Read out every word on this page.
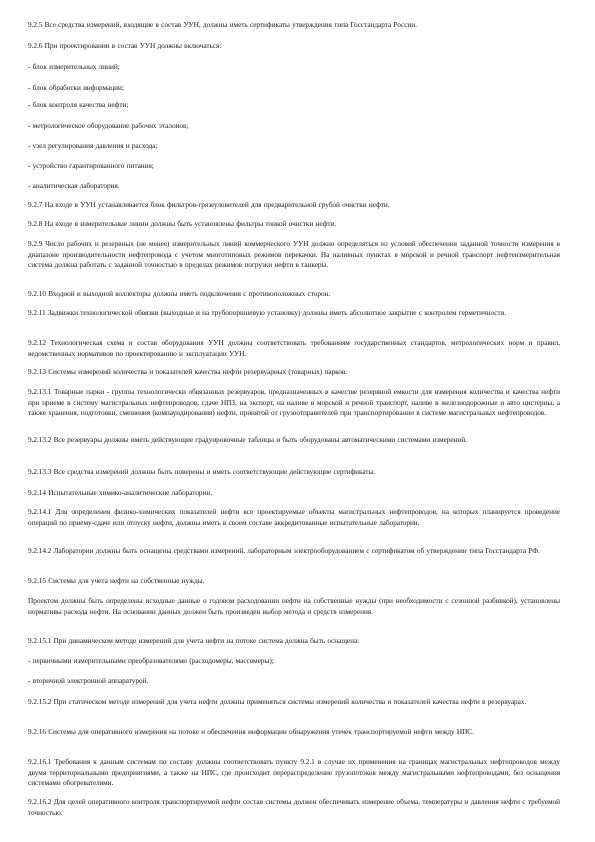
9.2.5 Все средства измерений, входящие в состав УУН, должны иметь сертификаты утверждения типа Госстандарта России.

9.2.6 При проектировании в состав УУН должны включаться:

- блок измерительных линий;

- блок обработки информации;

- блок контроля качества нефти;

- метрологическое оборудование рабочих эталонов;

- узел регулирования давления и расхода;

- устройство гарантированного питания;

- аналитическая лаборатория.

9.2.7 На входе в УУН устанавливается блок фильтров-грязеуловителей для предварительной грубой очистки нефти.

9.2.8 На входе в измерительные линии должны быть установлены фильтры тонкой очистки нефти.

9.2.9 Число рабочих и резервных (не менее) измерительных линий коммерческого УУН должно определяться из условий обеспечения заданной точности измерения в диапазоне производительности нефтепровода с учетом многотиповых режимов перекачки. На наливных пунктах в морской и речной транспорт нефтеизмерительная система должна работать с заданной точностью в пределах режимов погрузки нефти в танкеры.

9.2.10 Входной и выходной коллекторы должны иметь подключения с противоположных сторон.

9.2.11 Задвижки технологической обвязки (выходные и на трубопоршневую установку) должны иметь абсолютное закрытие с контролем герметичности.

9.2.12 Технологическая схема и состав оборудования УУН должны соответствовать требованиям государственных стандартов, метрологических норм и правил, ведомственных нормативов по проектированию и эксплуатации УУН.

9.2.13 Системы измерений количества и показателей качества нефти резервуарных (товарных) парков.

9.2.13.1 Товарные парки - группы технологически обвязанных резервуаров, предназначенных в качестве резервной емкости для измерения количества и качества нефти при приеме в систему магистральных нефтепроводов, сдаче НПЗ, на экспорт, на наливе в морской и речной транспорт, наливе в железнодорожные и авто цистерны, а также хранения, подготовки, смешения (компаундирования) нефти, принятой от грузоотправителей при транспортировании в системе магистральных нефтепроводов.

9.2.13.2 Все резервуары должны иметь действующие градуировочные таблицы и быть оборудованы автоматическими системами измерений.

9.2.13.3 Все средства измерений должны быть поверены и иметь соответствующие действующие сертификаты.

9.2.14 Испытательные химико-аналитические лаборатории.

9.2.14.1 Для определения физико-химических показателей нефти все проектируемые объекты магистральных нефтепроводов, на которых планируется проведение операций по приему-сдаче или отпуску нефти, должны иметь в своем составе аккредитованные испытательные лаборатории.

9.2.14.2 Лаборатории должны быть оснащены средствами измерений, лабораторным электрооборудованием с сертификатом об утверждении типа Госстандарта РФ.

9.2.15 Системы для учета нефти на собственные нужды.

Проектом должны быть определены исходные данные о годовом расходовании нефти на собственные нужды (при необходимости с сезонной разбивкой), установлены нормативы расхода нефти. На основании данных должен быть произведен выбор метода и средств измерения.

9.2.15.1 При динамическом методе измерений для учета нефти на потоке система должна быть оснащена:

- первичными измерительными преобразователями (расходомеры, массомеры);

- вторичной электронной аппаратурой.

9.2.15.2 При статическом методе измерений для учета нефти должны применяться системы измерений количества и показателей качества нефти в резервуарах.

9.2.16 Системы для оперативного измерения на потоке и обеспечения информации обнаружения утечек транспортируемой нефти между НПС.

9.2.16.1 Требования к данным системам по составу должны соответствовать пункту 9.2.1 в случае их применения на границах магистральных нефтепроводов между двумя территориальными предприятиями, а также на НПС, где происходит перераспределение грузопотоков между магистральными нефтепроводами, без оснащения системами обогревателями.

9.2.16.2 Для целей оперативного контроля транспортируемой нефти состав системы должен обеспечивать измерение объема, температуры и давления нефти с требуемой точностью.
